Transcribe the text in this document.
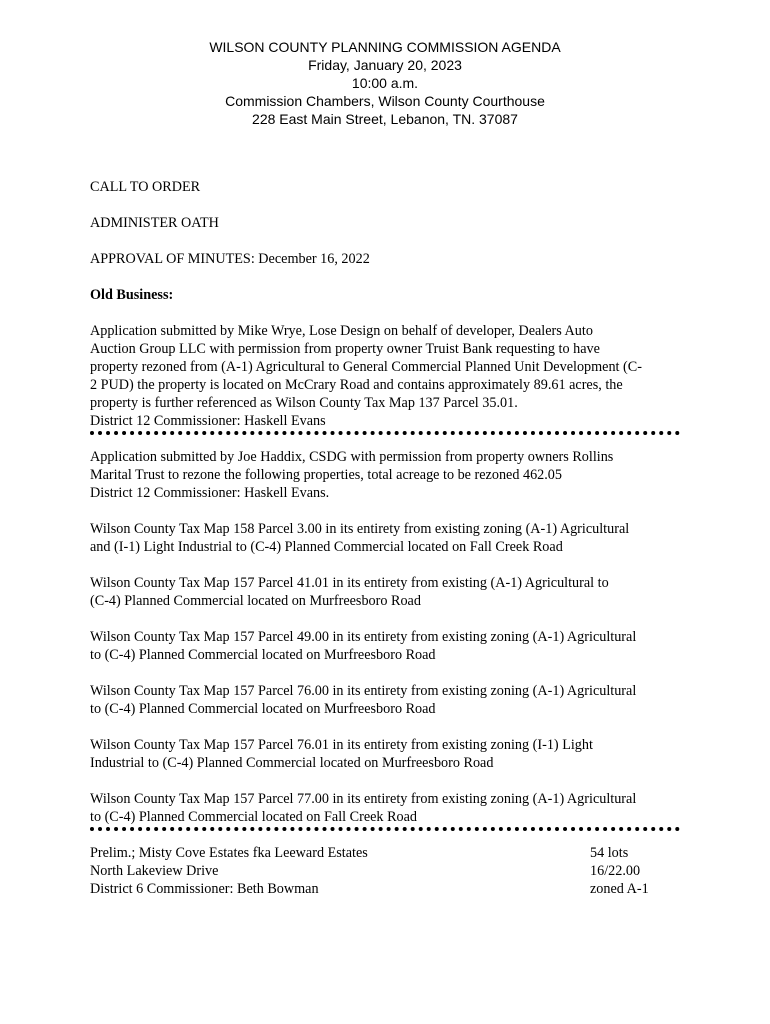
WILSON COUNTY PLANNING COMMISSION AGENDA
Friday, January 20, 2023
10:00 a.m.
Commission Chambers, Wilson County Courthouse
228 East Main Street, Lebanon, TN. 37087
CALL TO ORDER
ADMINISTER OATH
APPROVAL OF MINUTES: December 16, 2022
Old Business:
Application submitted by Mike Wrye, Lose Design on behalf of developer, Dealers Auto
Auction Group LLC with permission from property owner Truist Bank requesting to have
property rezoned from (A-1) Agricultural to General Commercial Planned Unit Development (C-
2 PUD) the property is located on McCrary Road and contains approximately 89.61 acres, the
property is further referenced as Wilson County Tax Map 137 Parcel 35.01.
District 12 Commissioner: Haskell Evans
Application submitted by Joe Haddix, CSDG with permission from property owners Rollins
Marital Trust to rezone the following properties, total acreage to be rezoned 462.05
District 12 Commissioner: Haskell Evans.
Wilson County Tax Map 158 Parcel 3.00 in its entirety from existing zoning (A-1) Agricultural
and (I-1) Light Industrial to (C-4) Planned Commercial located on Fall Creek Road
Wilson County Tax Map 157 Parcel 41.01 in its entirety from existing (A-1) Agricultural to
(C-4) Planned Commercial located on Murfreesboro Road
Wilson County Tax Map 157 Parcel 49.00 in its entirety from existing zoning (A-1) Agricultural
to (C-4) Planned Commercial located on Murfreesboro Road
Wilson County Tax Map 157 Parcel 76.00 in its entirety from existing zoning (A-1) Agricultural
to (C-4) Planned Commercial located on Murfreesboro Road
Wilson County Tax Map 157 Parcel 76.01 in its entirety from existing zoning (I-1) Light
Industrial to (C-4) Planned Commercial located on Murfreesboro Road
Wilson County Tax Map 157 Parcel 77.00 in its entirety from existing zoning (A-1) Agricultural
to (C-4) Planned Commercial located on Fall Creek Road
Prelim.; Misty Cove Estates fka Leeward Estates	54 lots
North Lakeview Drive	16/22.00
District 6 Commissioner: Beth Bowman	zoned A-1
